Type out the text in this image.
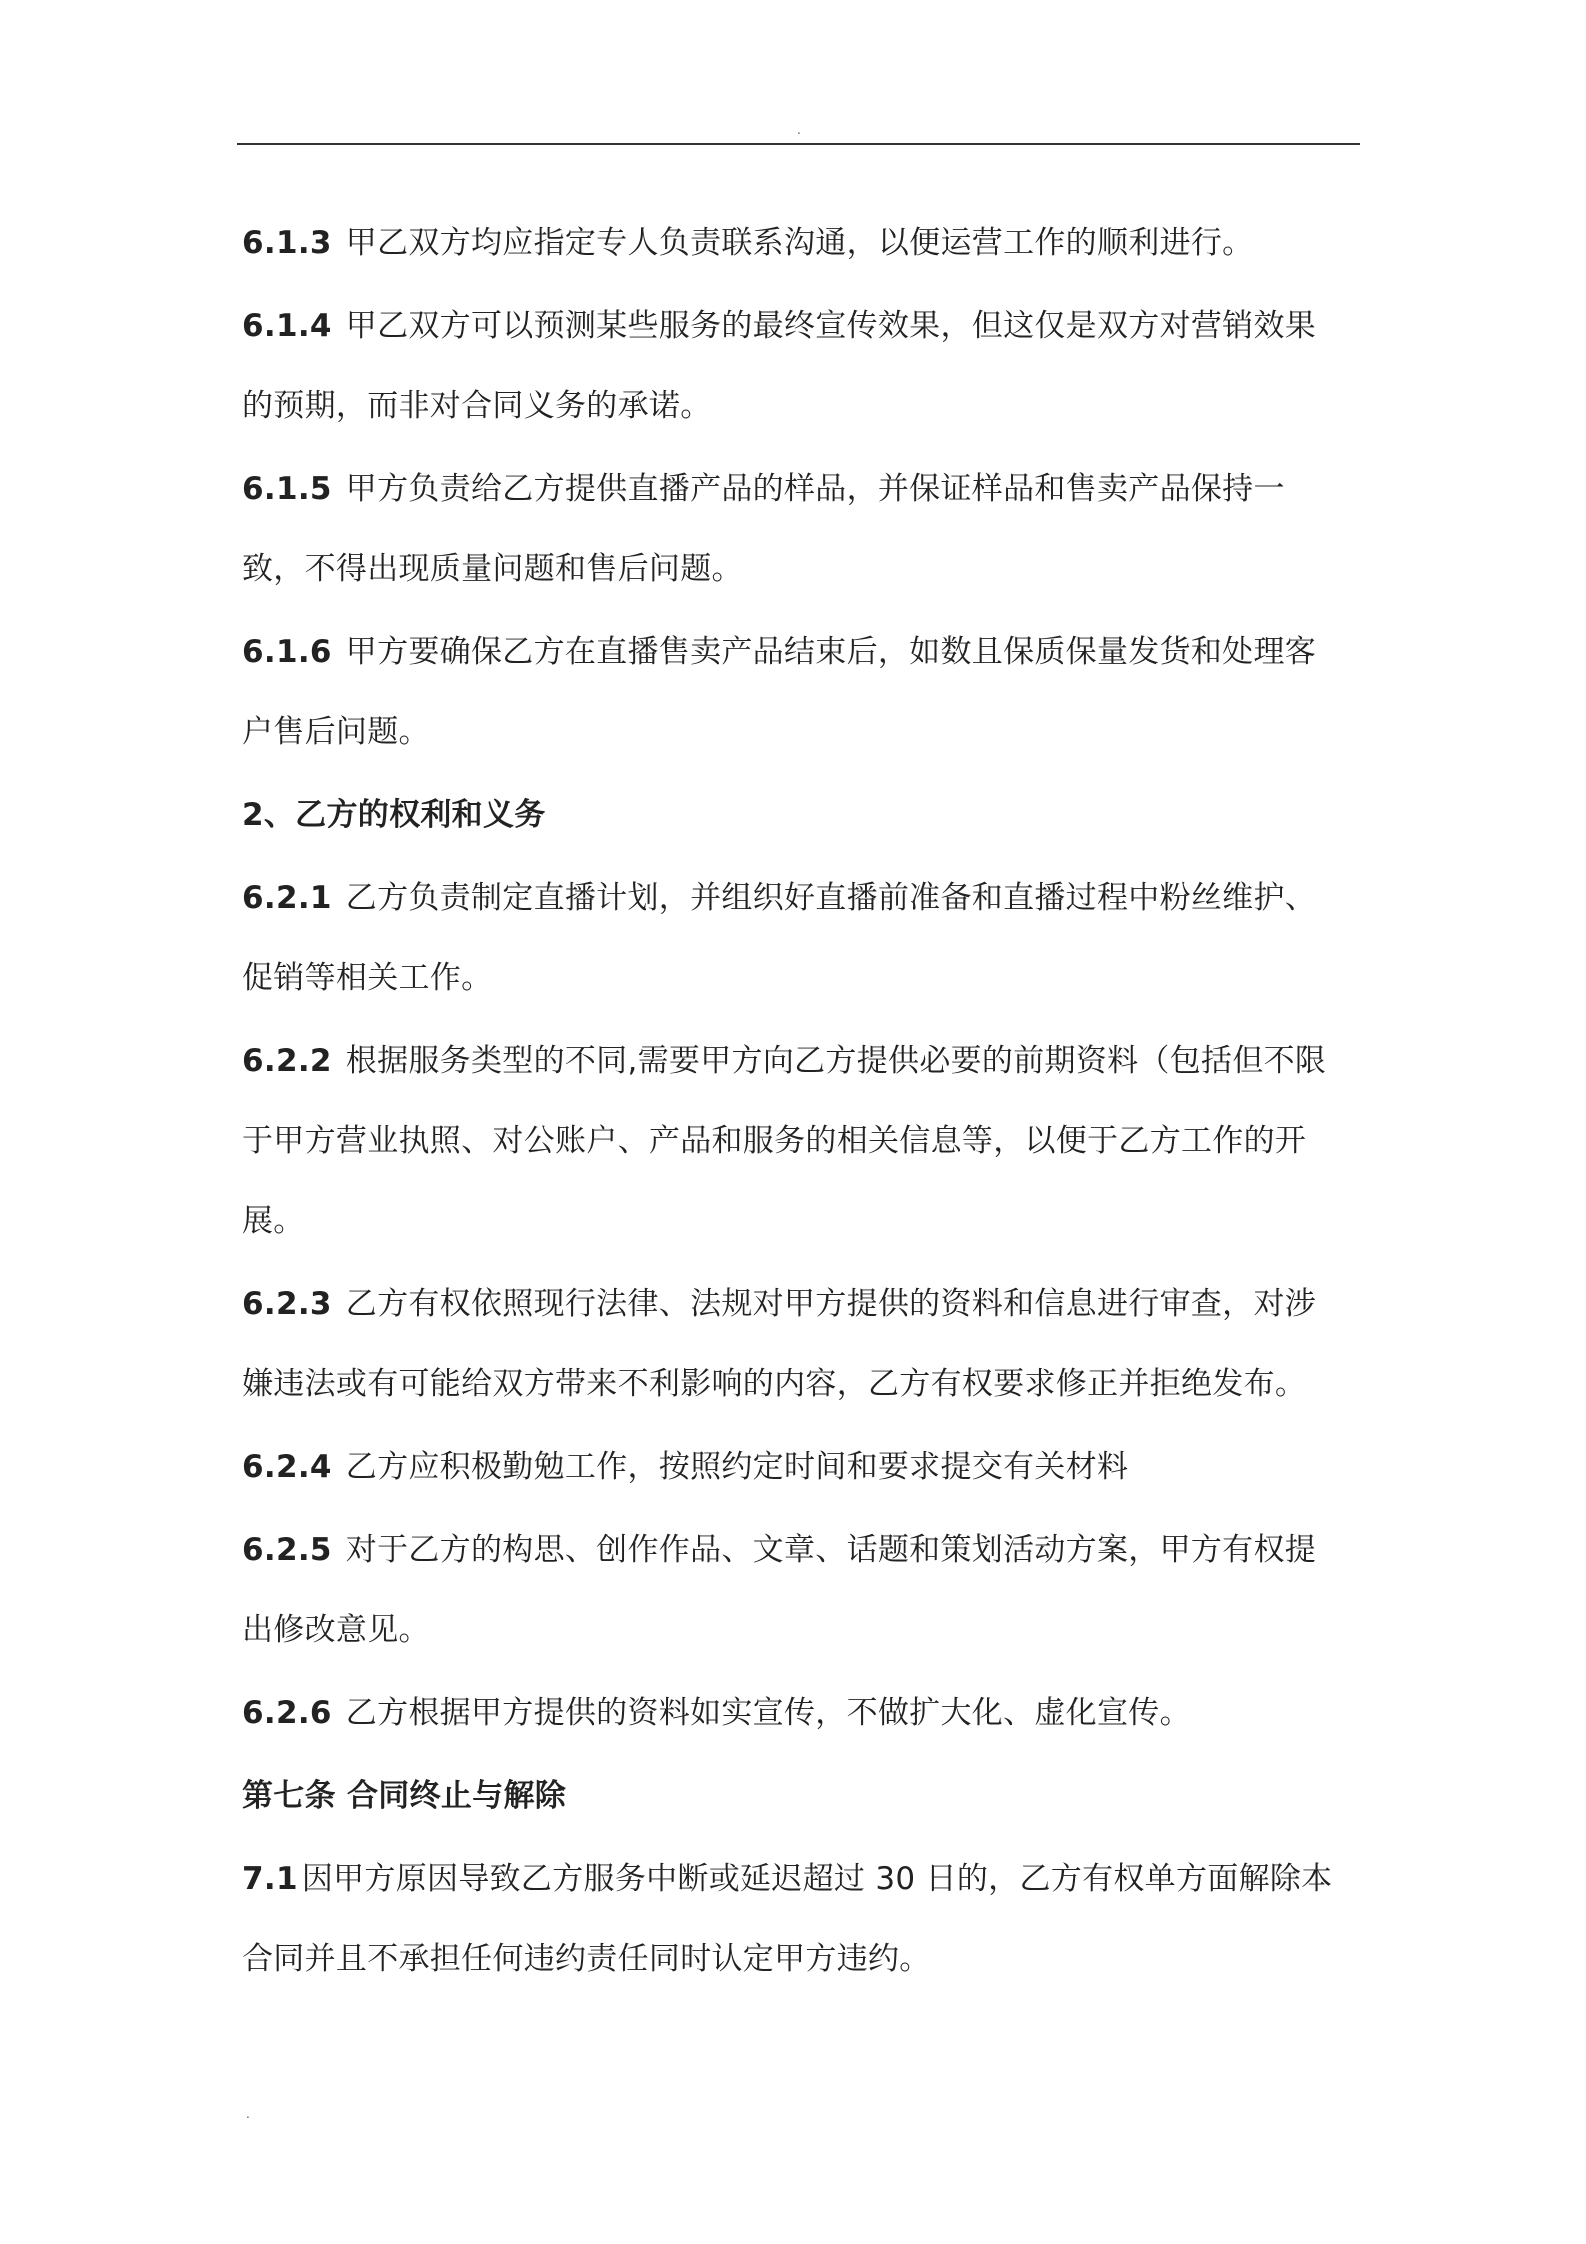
.
6.1.3 甲乙双方均应指定专人负责联系沟通，以便运营工作的顺利进行。
6.1.4 甲乙双方可以预测某些服务的最终宣传效果，但这仅是双方对营销效果
的预期，而非对合同义务的承诺。
6.1.5 甲方负责给乙方提供直播产品的样品，并保证样品和售卖产品保持一
致，不得出现质量问题和售后问题。
6.1.6 甲方要确保乙方在直播售卖产品结束后，如数且保质保量发货和处理客
户售后问题。
2、乙方的权利和义务
6.2.1 乙方负责制定直播计划，并组织好直播前准备和直播过程中粉丝维护、
促销等相关工作。
6.2.2 根据服务类型的不同,需要甲方向乙方提供必要的前期资料（包括但不限
于甲方营业执照、对公账户、产品和服务的相关信息等，以便于乙方工作的开
展。
6.2.3 乙方有权依照现行法律、法规对甲方提供的资料和信息进行审查，对涉
嫌违法或有可能给双方带来不利影响的内容，乙方有权要求修正并拒绝发布。
6.2.4 乙方应积极勤勉工作，按照约定时间和要求提交有关材料
6.2.5 对于乙方的构思、创作作品、文章、话题和策划活动方案，甲方有权提
出修改意见。
6.2.6 乙方根据甲方提供的资料如实宣传，不做扩大化、虚化宣传。
第七条 合同终止与解除
7.1 因甲方原因导致乙方服务中断或延迟超过 30 日的，乙方有权单方面解除本
合同并且不承担任何违约责任同时认定甲方违约。
.
